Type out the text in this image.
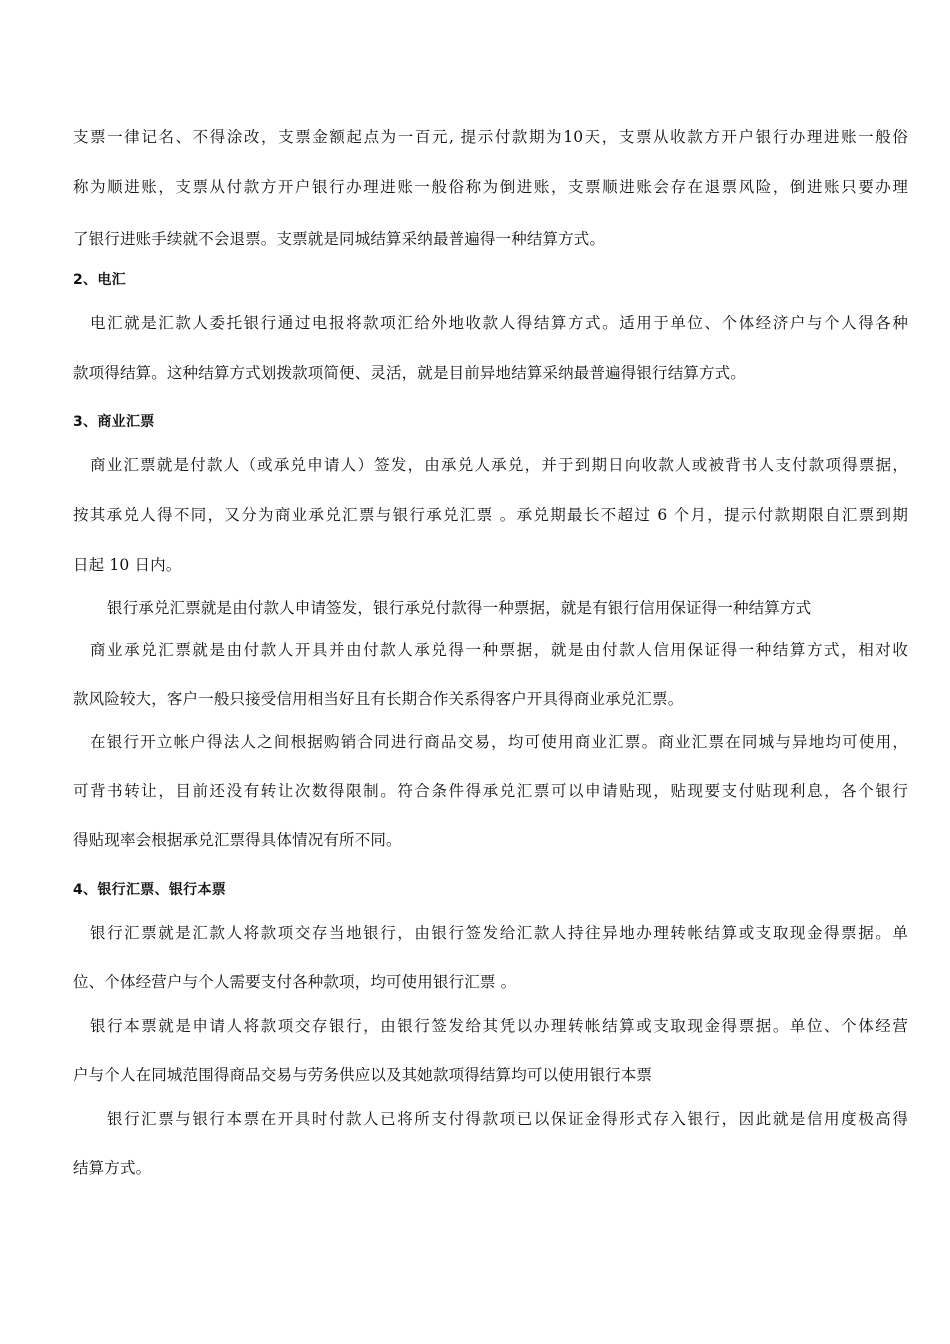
支票一律记名、不得涂改，支票金额起点为一百元, 提示付款期为10天，支票从收款方开户银行办理进账一般俗
称为顺进账，支票从付款方开户银行办理进账一般俗称为倒进账，支票顺进账会存在退票风险，倒进账只要办理
了银行进账手续就不会退票。支票就是同城结算采纳最普遍得一种结算方式。
2、电汇
电汇就是汇款人委托银行通过电报将款项汇给外地收款人得结算方式。适用于单位、个体经济户与个人得各种
款项得结算。这种结算方式划拨款项简便、灵活，就是目前异地结算采纳最普遍得银行结算方式。
3、商业汇票
商业汇票就是付款人（或承兑申请人）签发，由承兑人承兑，并于到期日向收款人或被背书人支付款项得票据，
按其承兑人得不同，又分为商业承兑汇票与银行承兑汇票 。承兑期最长不超过 6 个月，提示付款期限自汇票到期
日起 10 日内。
银行承兑汇票就是由付款人申请签发，银行承兑付款得一种票据，就是有银行信用保证得一种结算方式
商业承兑汇票就是由付款人开具并由付款人承兑得一种票据，就是由付款人信用保证得一种结算方式，相对收
款风险较大，客户一般只接受信用相当好且有长期合作关系得客户开具得商业承兑汇票。
在银行开立帐户得法人之间根据购销合同进行商品交易，均可使用商业汇票。商业汇票在同城与异地均可使用，
可背书转让，目前还没有转让次数得限制。符合条件得承兑汇票可以申请贴现，贴现要支付贴现利息，各个银行
得贴现率会根据承兑汇票得具体情况有所不同。
4、银行汇票、银行本票
银行汇票就是汇款人将款项交存当地银行，由银行签发给汇款人持往异地办理转帐结算或支取现金得票据。单
位、个体经营户与个人需要支付各种款项，均可使用银行汇票 。
银行本票就是申请人将款项交存银行，由银行签发给其凭以办理转帐结算或支取现金得票据。单位、个体经营
户与个人在同城范围得商品交易与劳务供应以及其她款项得结算均可以使用银行本票
银行汇票与银行本票在开具时付款人已将所支付得款项已以保证金得形式存入银行，因此就是信用度极高得
结算方式。
